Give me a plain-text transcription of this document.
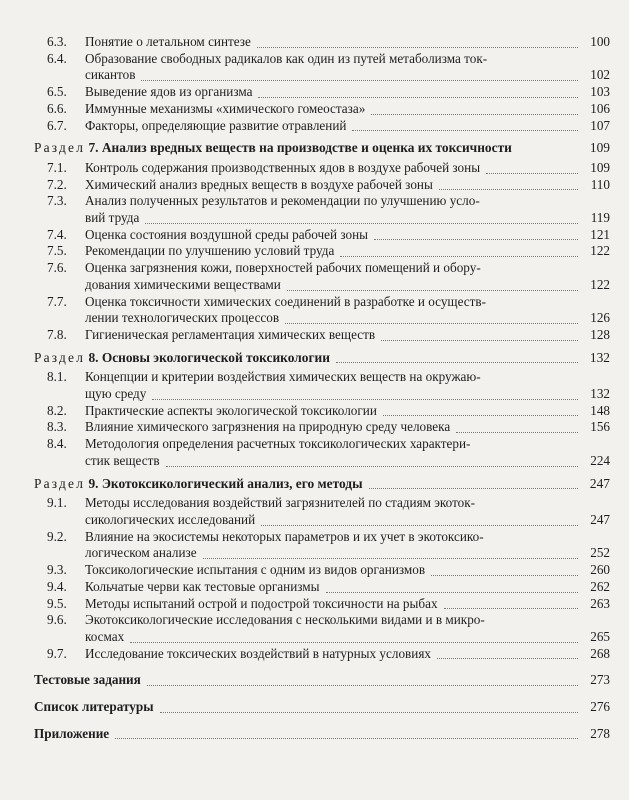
6.3. Понятие о летальном синтезе	100
6.4. Образование свободных радикалов как один из путей метаболизма ток-
сикантов	102
6.5. Выведение ядов из организма	103
6.6. Иммунные механизмы «химического гомеостаза»	106
6.7. Факторы, определяющие развитие отравлений	107
Раздел 7. Анализ вредных веществ на производстве и оценка их токсичности	109
7.1. Контроль содержания производственных ядов в воздухе рабочей зоны	109
7.2. Химический анализ вредных веществ в воздухе рабочей зоны	110
7.3. Анализ полученных результатов и рекомендации по улучшению усло-
вий труда	119
7.4. Оценка состояния воздушной среды рабочей зоны	121
7.5. Рекомендации по улучшению условий труда	122
7.6. Оценка загрязнения кожи, поверхностей рабочих помещений и обору-
дования химическими веществами	122
7.7. Оценка токсичности химических соединений в разработке и осуществ-
лении технологических процессов	126
7.8. Гигиеническая регламентация химических веществ	128
Раздел 8. Основы экологической токсикологии	132
8.1. Концепции и критерии воздействия химических веществ на окружаю-
щую среду	132
8.2. Практические аспекты экологической токсикологии	148
8.3. Влияние химического загрязнения на природную среду человека	156
8.4. Методология определения расчетных токсикологических характери-
стик веществ	224
Раздел 9. Экотоксикологический анализ, его методы	247
9.1. Методы исследования воздействий загрязнителей по стадиям экоток-
сикологических исследований	247
9.2. Влияние на экосистемы некоторых параметров и их учет в экотоксико-
логическом анализе	252
9.3. Токсикологические испытания с одним из видов организмов	260
9.4. Кольчатые черви как тестовые организмы	262
9.5. Методы испытаний острой и подострой токсичности на рыбах	263
9.6. Экотоксикологические исследования с несколькими видами и в микро-
космах	265
9.7. Исследование токсических воздействий в натурных условиях	268
Тестовые задания	273
Список литературы	276
Приложение	278
